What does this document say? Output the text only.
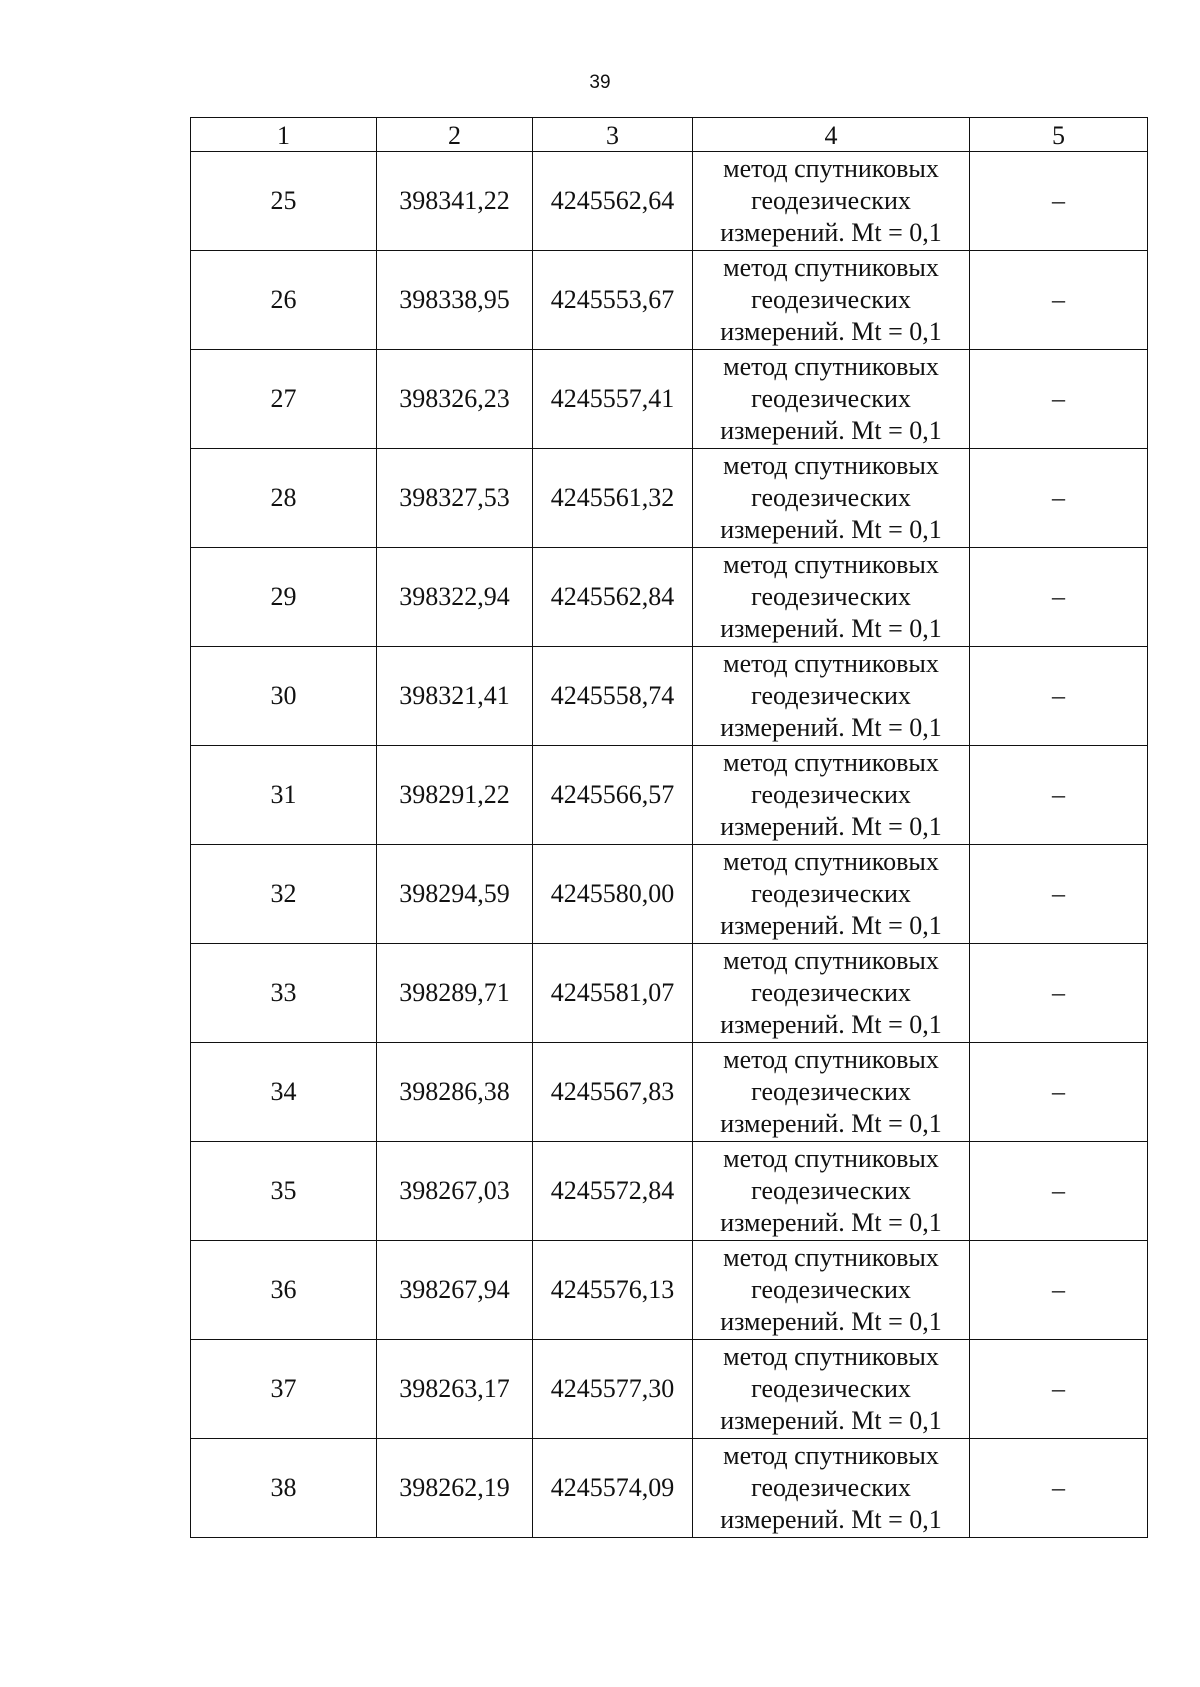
39
1	2	3	4	5
25	398341,22	4245562,64	метод спутниковых
геодезических
измерений. Mt = 0,1	–
26	398338,95	4245553,67	метод спутниковых
геодезических
измерений. Mt = 0,1	–
27	398326,23	4245557,41	метод спутниковых
геодезических
измерений. Mt = 0,1	–
28	398327,53	4245561,32	метод спутниковых
геодезических
измерений. Mt = 0,1	–
29	398322,94	4245562,84	метод спутниковых
геодезических
измерений. Mt = 0,1	–
30	398321,41	4245558,74	метод спутниковых
геодезических
измерений. Mt = 0,1	–
31	398291,22	4245566,57	метод спутниковых
геодезических
измерений. Mt = 0,1	–
32	398294,59	4245580,00	метод спутниковых
геодезических
измерений. Mt = 0,1	–
33	398289,71	4245581,07	метод спутниковых
геодезических
измерений. Mt = 0,1	–
34	398286,38	4245567,83	метод спутниковых
геодезических
измерений. Mt = 0,1	–
35	398267,03	4245572,84	метод спутниковых
геодезических
измерений. Mt = 0,1	–
36	398267,94	4245576,13	метод спутниковых
геодезических
измерений. Mt = 0,1	–
37	398263,17	4245577,30	метод спутниковых
геодезических
измерений. Mt = 0,1	–
38	398262,19	4245574,09	метод спутниковых
геодезических
измерений. Mt = 0,1	–
